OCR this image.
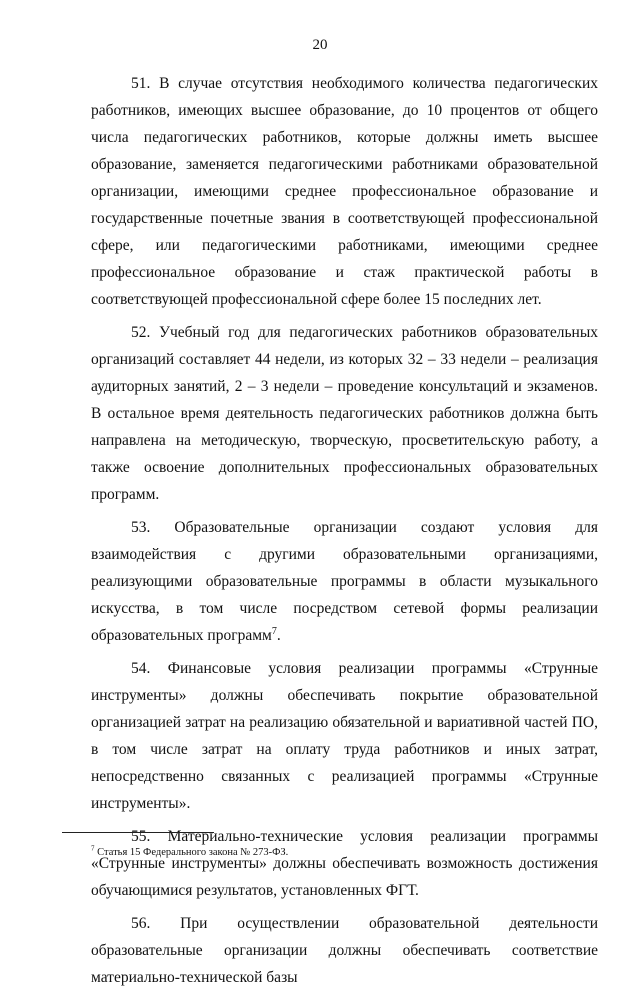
20

51. В случае отсутствия необходимого количества педагогических работников, имеющих высшее образование, до 10 процентов от общего числа педагогических работников, которые должны иметь высшее образование, заменяется педагогическими работниками образовательной организации, имеющими среднее профессиональное образование и государственные почетные звания в соответствующей профессиональной сфере, или педагогическими работниками, имеющими среднее профессиональное образование и стаж практической работы в соответствующей профессиональной сфере более 15 последних лет.

52. Учебный год для педагогических работников образовательных организаций составляет 44 недели, из которых 32 – 33 недели – реализация аудиторных занятий, 2 – 3 недели – проведение консультаций и экзаменов. В остальное время деятельность педагогических работников должна быть направлена на методическую, творческую, просветительскую работу, а также освоение дополнительных профессиональных образовательных программ.

53. Образовательные организации создают условия для взаимодействия с другими образовательными организациями, реализующими образовательные программы в области музыкального искусства, в том числе посредством сетевой формы реализации образовательных программ$^7$.

54. Финансовые условия реализации программы «Струнные инструменты» должны обеспечивать покрытие образовательной организацией затрат на реализацию обязательной и вариативной частей ПО, в том числе затрат на оплату труда работников и иных затрат, непосредственно связанных с реализацией программы «Струнные инструменты».

55. Материально-технические условия реализации программы «Струнные инструменты» должны обеспечивать возможность достижения обучающимися результатов, установленных ФГТ.

56. При осуществлении образовательной деятельности образовательные организации должны обеспечивать соответствие материально-технической базы

$^7$ Статья 15 Федерального закона № 273-ФЗ.
